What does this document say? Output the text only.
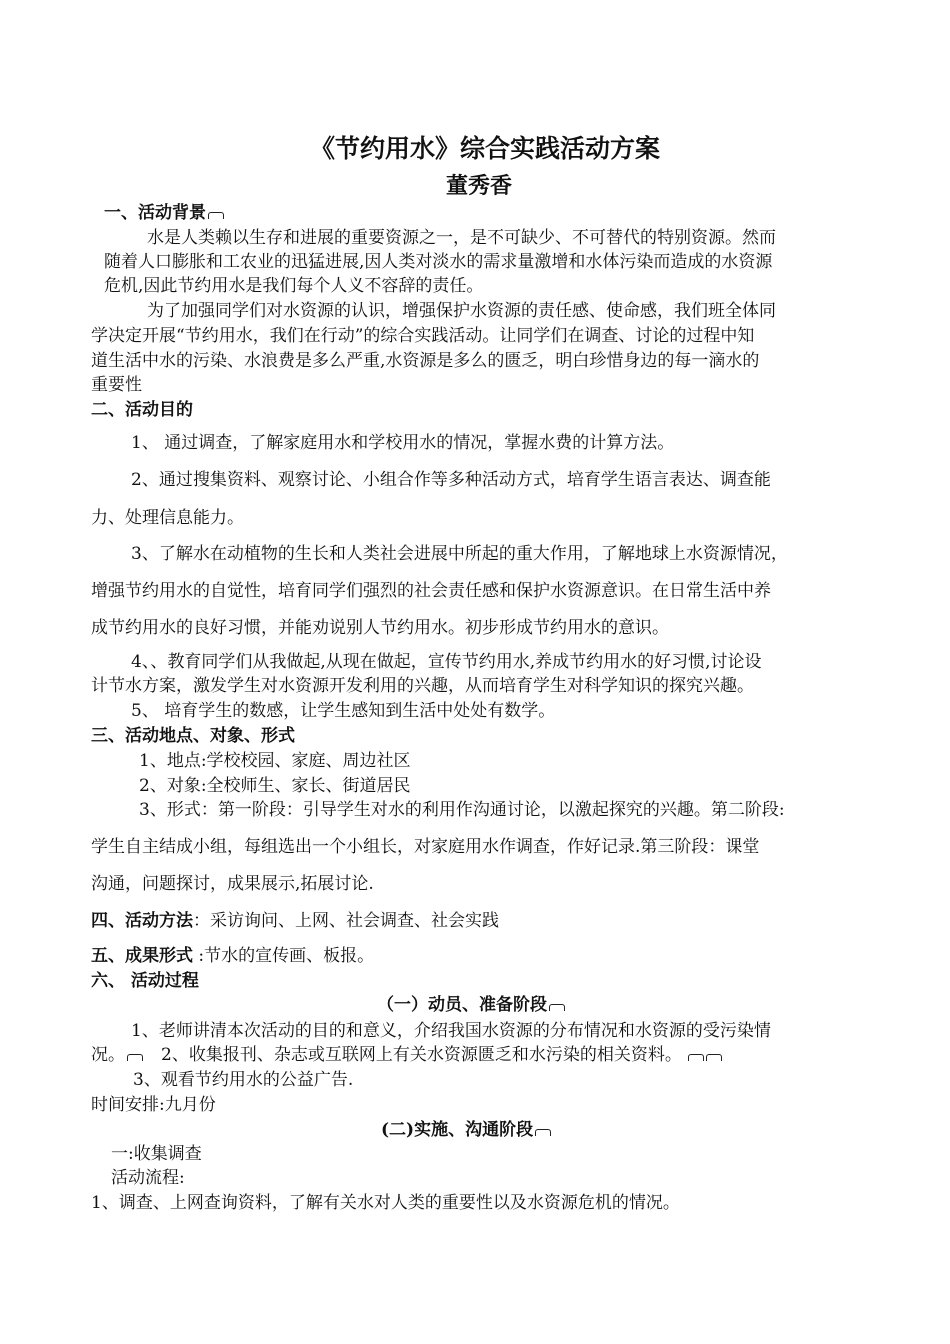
《节约用水》综合实践活动方案
董秀香
一、活动背景
水是人类赖以生存和进展的重要资源之一，是不可缺少、不可替代的特别资源。然而
随着人口膨胀和工农业的迅猛进展,因人类对淡水的需求量激增和水体污染而造成的水资源
危机,因此节约用水是我们每个人义不容辞的责任。
为了加强同学们对水资源的认识，增强保护水资源的责任感、使命感，我们班全体同
学决定开展“节约用水，我们在行动”的综合实践活动。让同学们在调查、讨论的过程中知
道生活中水的污染、水浪费是多么严重,水资源是多么的匮乏，明白珍惜身边的每一滴水的
重要性
二、活动目的
1、 通过调查，了解家庭用水和学校用水的情况，掌握水费的计算方法。
2、通过搜集资料、观察讨论、小组合作等多种活动方式，培育学生语言表达、调查能
力、处理信息能力。
3、了解水在动植物的生长和人类社会进展中所起的重大作用，了解地球上水资源情况，
增强节约用水的自觉性，培育同学们强烈的社会责任感和保护水资源意识。在日常生活中养
成节约用水的良好习惯，并能劝说别人节约用水。初步形成节约用水的意识。
4、、教育同学们从我做起,从现在做起，宣传节约用水,养成节约用水的好习惯,讨论设
计节水方案，激发学生对水资源开发利用的兴趣，从而培育学生对科学知识的探究兴趣。
5、 培育学生的数感，让学生感知到生活中处处有数学。
三、活动地点、对象、形式
1、地点:学校校园、家庭、周边社区
2、对象:全校师生、家长、街道居民
3、形式：第一阶段：引导学生对水的利用作沟通讨论，以激起探究的兴趣。第二阶段:
学生自主结成小组，每组选出一个小组长，对家庭用水作调查，作好记录.第三阶段：课堂
沟通，问题探讨，成果展示,拓展讨论.
四、活动方法：采访询问、上网、社会调查、社会实践
五、成果形式 :节水的宣传画、板报。
六、 活动过程
（一）动员、准备阶段
1、老师讲清本次活动的目的和意义，介绍我国水资源的分布情况和水资源的受污染情
况。 2、收集报刊、杂志或互联网上有关水资源匮乏和水污染的相关资料。
3、观看节约用水的公益广告.
时间安排:九月份
(二)实施、沟通阶段
一:收集调查
活动流程:
1、调查、上网查询资料，了解有关水对人类的重要性以及水资源危机的情况。
